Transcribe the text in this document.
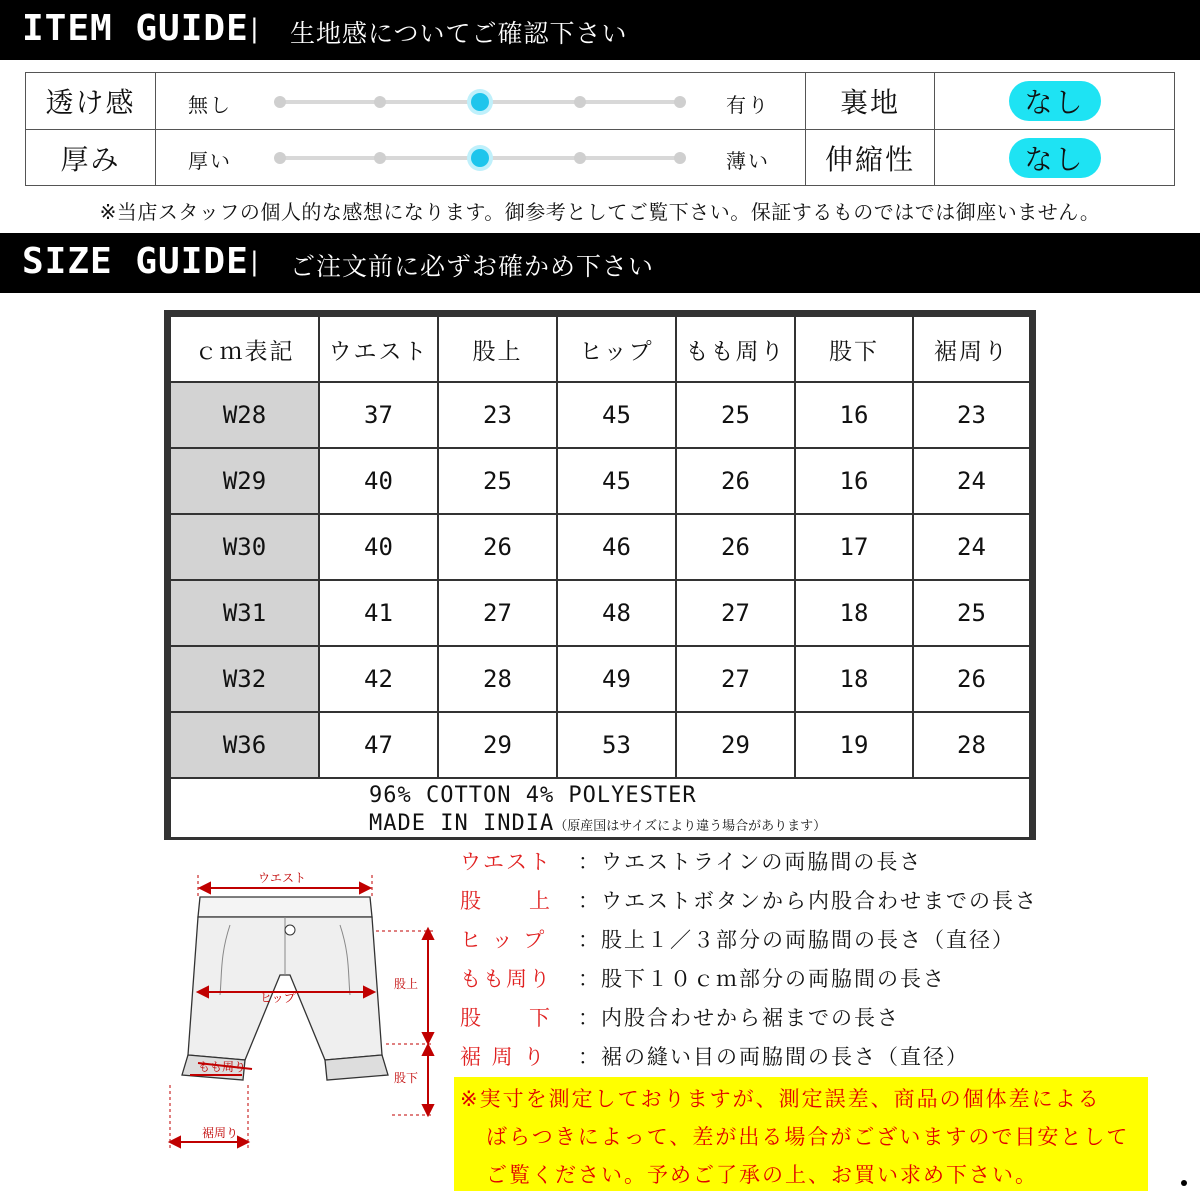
ITEM GUIDE | 生地感についてご確認下さい
透け感	無し	有り 裏地	なし
厚み	厚い	薄い 伸縮性	なし
※当店スタッフの個人的な感想になります。御参考としてご覧下さい。保証するものではでは御座いません。
SIZE GUIDE | ご注文前に必ずお確かめ下さい
ｃｍ表記	ウエスト	股上	ヒップ	もも周り	股下	裾周り
W28	37	23	45	25	16	23
W29	40	25	45	26	16	24
W30	40	26	46	26	17	24
W31	41	27	48	27	18	25
W32	42	28	49	27	18	26
W36	47	29	53	29	19	28
96% COTTON 4% POLYESTER
MADE IN INDIA（原産国はサイズにより違う場合があります）
ウエスト
ヒップ
もも周り
裾周り
股上
股下
ウエスト ：ウエストラインの両脇間の長さ
股　　上 ：ウエストボタンから内股合わせまでの長さ
ヒ ッ プ ：股上１／３部分の両脇間の長さ（直径）
もも周り ：股下１０ｃｍ部分の両脇間の長さ
股　　下 ：内股合わせから裾までの長さ
裾 周 り ：裾の縫い目の両脇間の長さ（直径）
※実寸を測定しておりますが、測定誤差、商品の個体差による
ばらつきによって、差が出る場合がございますので目安として
ご覧ください。予めご了承の上、お買い求め下さい。
